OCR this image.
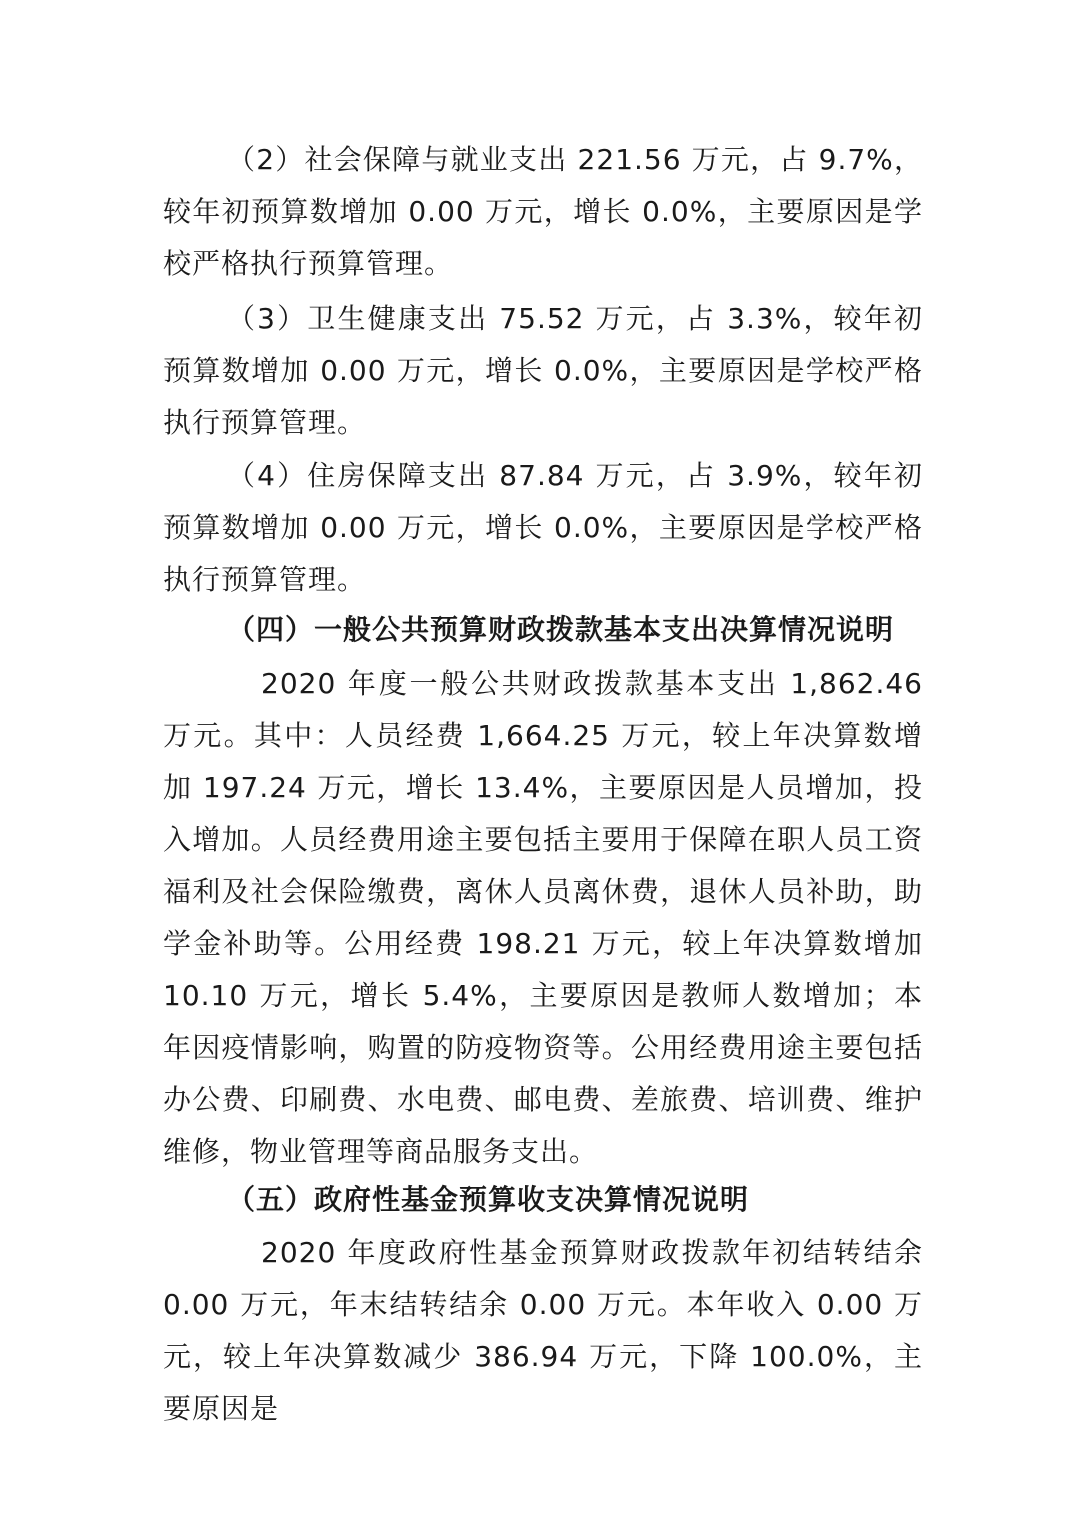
（2）社会保障与就业支出 221.56 万元，占 9.7%，较年初预算数增加 0.00 万元，增长 0.0%，主要原因是学校严格执行预算管理。

（3）卫生健康支出 75.52 万元，占 3.3%，较年初预算数增加 0.00 万元，增长 0.0%，主要原因是学校严格执行预算管理。

（4）住房保障支出 87.84 万元，占 3.9%，较年初预算数增加 0.00 万元，增长 0.0%，主要原因是学校严格执行预算管理。

（四）一般公共预算财政拨款基本支出决算情况说明

2020 年度一般公共财政拨款基本支出 1,862.46 万元。其中：人员经费 1,664.25 万元，较上年决算数增加 197.24 万元，增长 13.4%，主要原因是人员增加，投入增加。人员经费用途主要包括主要用于保障在职人员工资福利及社会保险缴费，离休人员离休费，退休人员补助，助学金补助等。公用经费 198.21 万元，较上年决算数增加 10.10 万元，增长 5.4%，主要原因是教师人数增加；本年因疫情影响，购置的防疫物资等。公用经费用途主要包括办公费、印刷费、水电费、邮电费、差旅费、培训费、维护维修，物业管理等商品服务支出。

（五）政府性基金预算收支决算情况说明

2020 年度政府性基金预算财政拨款年初结转结余 0.00 万元，年末结转结余 0.00 万元。本年收入 0.00 万元，较上年决算数减少 386.94 万元，下降 100.0%，主要原因是
